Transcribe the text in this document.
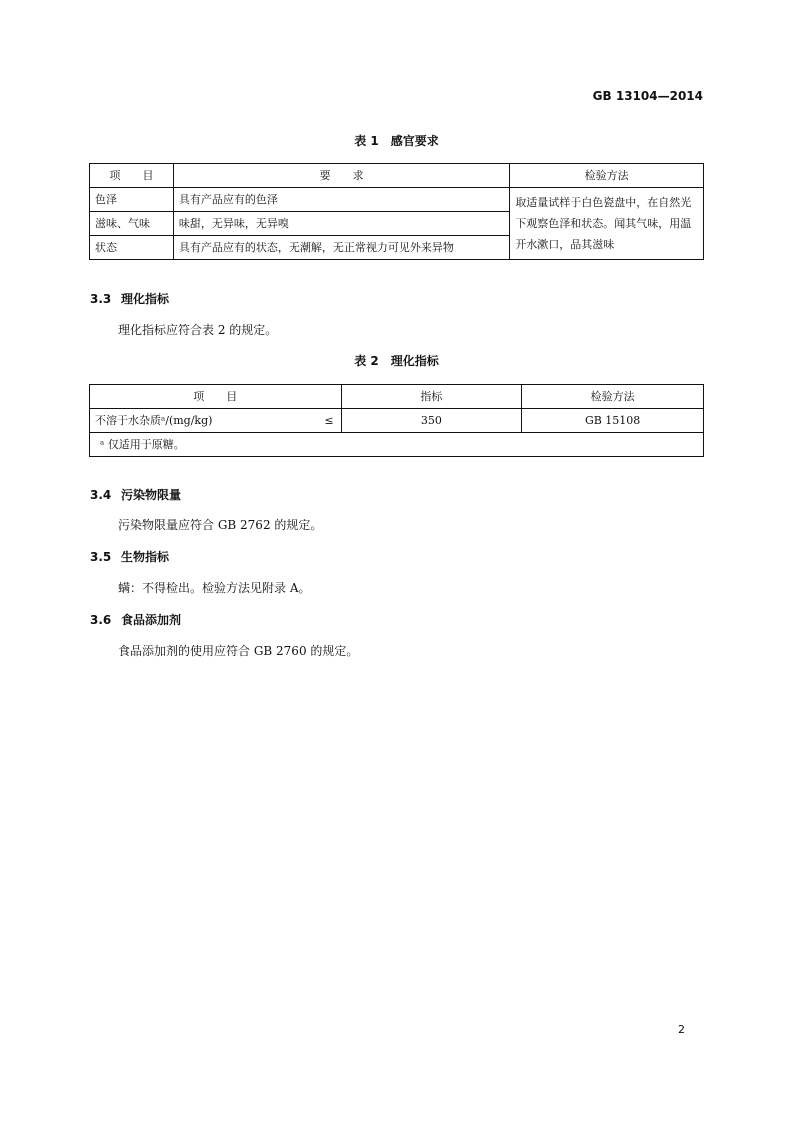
GB 13104—2014
表 1　感官要求
项　　目	要　　求	检验方法
色泽	具有产品应有的色泽	取适量试样于白色瓷盘中，在自然光下观察色泽和状态。闻其气味，用温开水漱口，品其滋味
滋味、气味	味甜，无异味，无异嗅	
状态	具有产品应有的状态，无潮解，无正常视力可见外来异物	
3.3 理化指标
理化指标应符合表 2 的规定。
表 2　理化指标
项　　目	指标	检验方法
不溶于水杂质ᵃ/(mg/kg) ≤	350	GB 15108
ᵃ 仅适用于原糖。		
3.4 污染物限量
污染物限量应符合 GB 2762 的规定。
3.5 生物指标
螨：不得检出。检验方法见附录 A。
3.6 食品添加剂
食品添加剂的使用应符合 GB 2760 的规定。
2
